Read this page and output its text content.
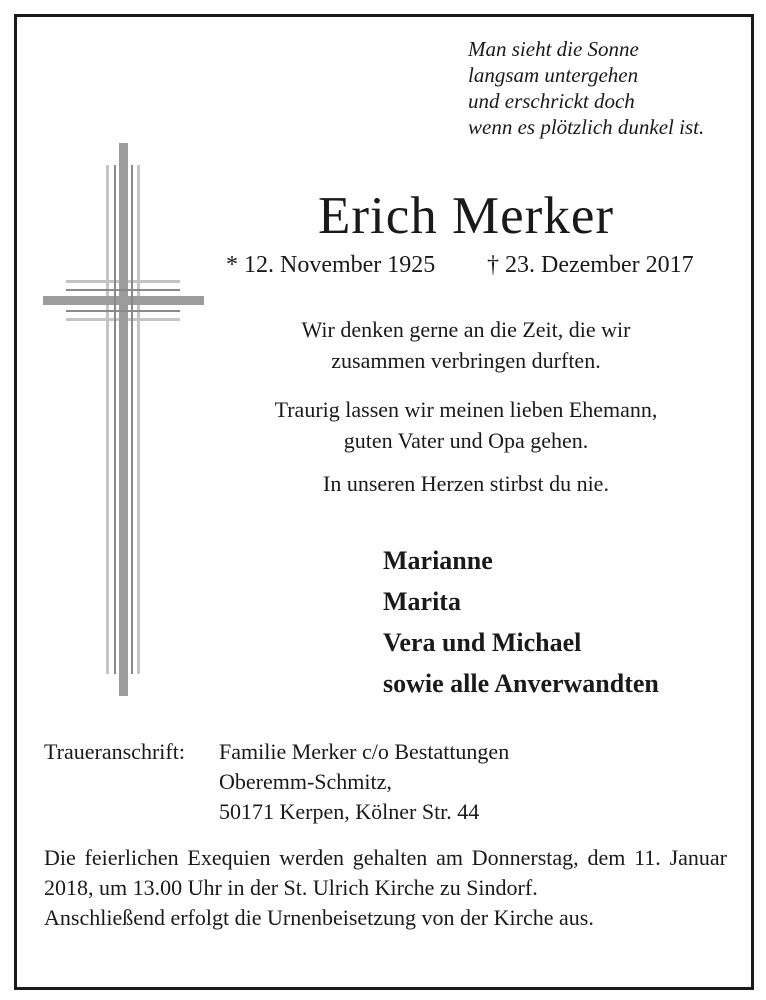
Man sieht die Sonne
langsam untergehen
und erschrickt doch
wenn es plötzlich dunkel ist.
Erich Merker
* 12. November 1925 † 23. Dezember 2017
Wir denken gerne an die Zeit, die wir
zusammen verbringen durften.
Traurig lassen wir meinen lieben Ehemann,
guten Vater und Opa gehen.
In unseren Herzen stirbst du nie.
Marianne
Marita
Vera und Michael
sowie alle Anverwandten
Traueranschrift: Familie Merker c/o Bestattungen
Oberemm-Schmitz,
50171 Kerpen, Kölner Str. 44
Die feierlichen Exequien werden gehalten am Donnerstag, dem 11. Januar 2018, um 13.00 Uhr in der St. Ulrich Kirche zu Sindorf.
Anschließend erfolgt die Urnenbeisetzung von der Kirche aus.
